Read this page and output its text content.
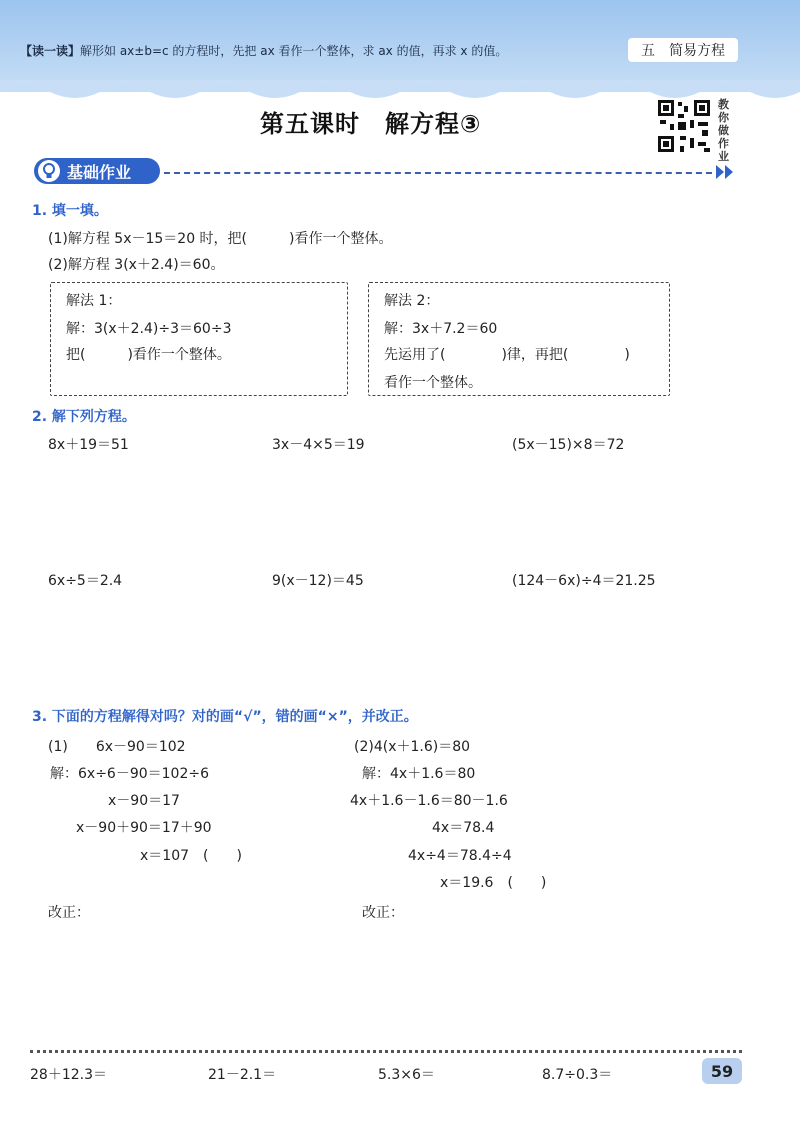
【读一读】解形如 ax±b=c 的方程时，先把 ax 看作一个整体，求 ax 的值，再求 x 的值。	五　简易方程
第五课时　解方程③
教
你
做
作
业
基础作业
1. 填一填。
(1)解方程 5x－15＝20 时，把(　　　)看作一个整体。
(2)解方程 3(x＋2.4)＝60。
解法 1：
解：3(x＋2.4)÷3＝60÷3
把(　　　)看作一个整体。
解法 2：
解：3x＋7.2＝60
先运用了(　　　　)律，再把(　　　　)
看作一个整体。
2. 解下列方程。
8x＋19＝51	3x－4×5＝19	(5x－15)×8＝72
6x÷5＝2.4	9(x－12)＝45	(124－6x)÷4＝21.25
3. 下面的方程解得对吗？对的画“√”，错的画“×”，并改正。
(1)　　6x－90＝102
解：6x÷6－90＝102÷6
x－90＝17
x－90＋90＝17＋90
x＝107　(　　)
改正：
(2)4(x＋1.6)＝80
解：4x＋1.6＝80
4x＋1.6－1.6＝80－1.6
4x＝78.4
4x÷4＝78.4÷4
x＝19.6　(　　)
改正：
28＋12.3＝	21－2.1＝	5.3×6＝	8.7÷0.3＝	59
